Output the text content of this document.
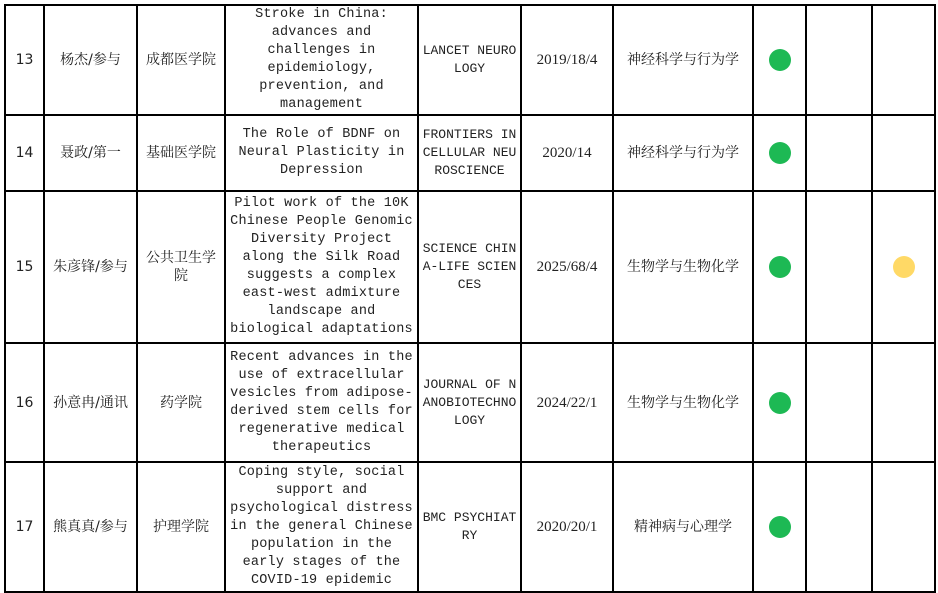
13	杨杰/参与	成都医学院	Stroke in China: advances and challenges in epidemiology, prevention, and management	LANCET NEUROLOGY	2019/18/4	神经科学与行为学			
14	聂政/第一	基础医学院	The Role of BDNF on Neural Plasticity in Depression	FRONTIERS IN CELLULAR NEUROSCIENCE	2020/14	神经科学与行为学			
15	朱彦锋/参与	公共卫生学院	Pilot work of the 10K Chinese People Genomic Diversity Project along the Silk Road suggests a complex east-west admixture landscape and biological adaptations	SCIENCE CHINA-LIFE SCIENCES	2025/68/4	生物学与生物化学			
16	孙意冉/通讯	药学院	Recent advances in the use of extracellular vesicles from adipose-derived stem cells for regenerative medical therapeutics	JOURNAL OF NANOBIOTECHNOLOGY	2024/22/1	生物学与生物化学			
17	熊真真/参与	护理学院	Coping style, social support and psychological distress in the general Chinese population in the early stages of the COVID-19 epidemic	BMC PSYCHIATRY	2020/20/1	精神病与心理学			
